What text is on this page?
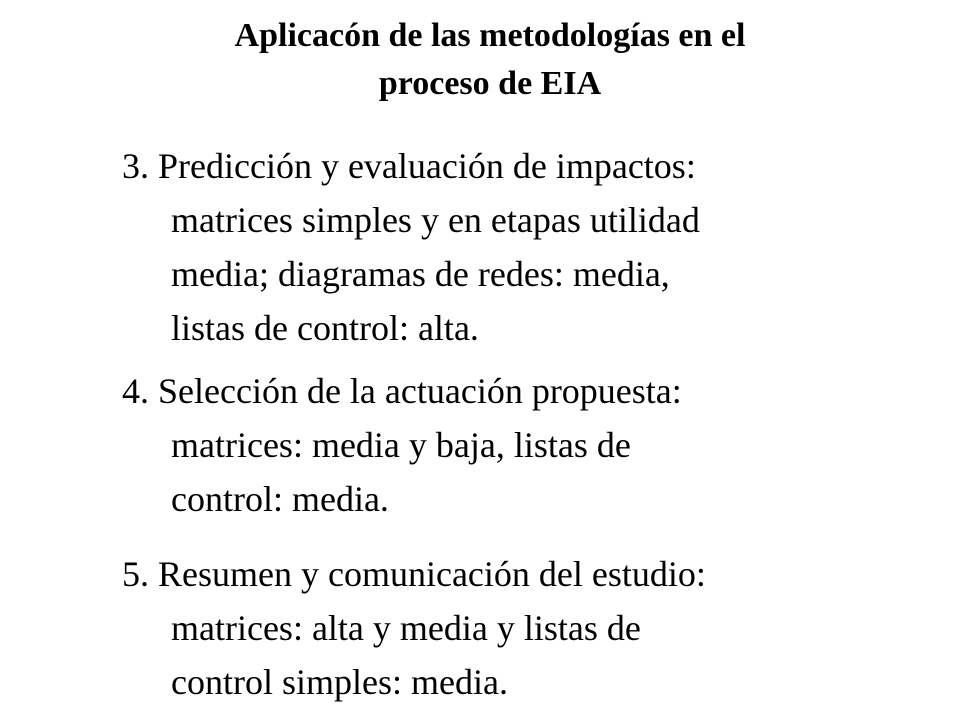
Aplicacón de las metodologías en el
proceso de EIA
3. Predicción y evaluación de impactos:
matrices simples y en etapas utilidad
media; diagramas de redes: media,
listas de control: alta.
4. Selección de la actuación propuesta:
matrices: media y baja, listas de
control: media.
5. Resumen y comunicación del estudio:
matrices: alta y media y listas de
control simples: media.
